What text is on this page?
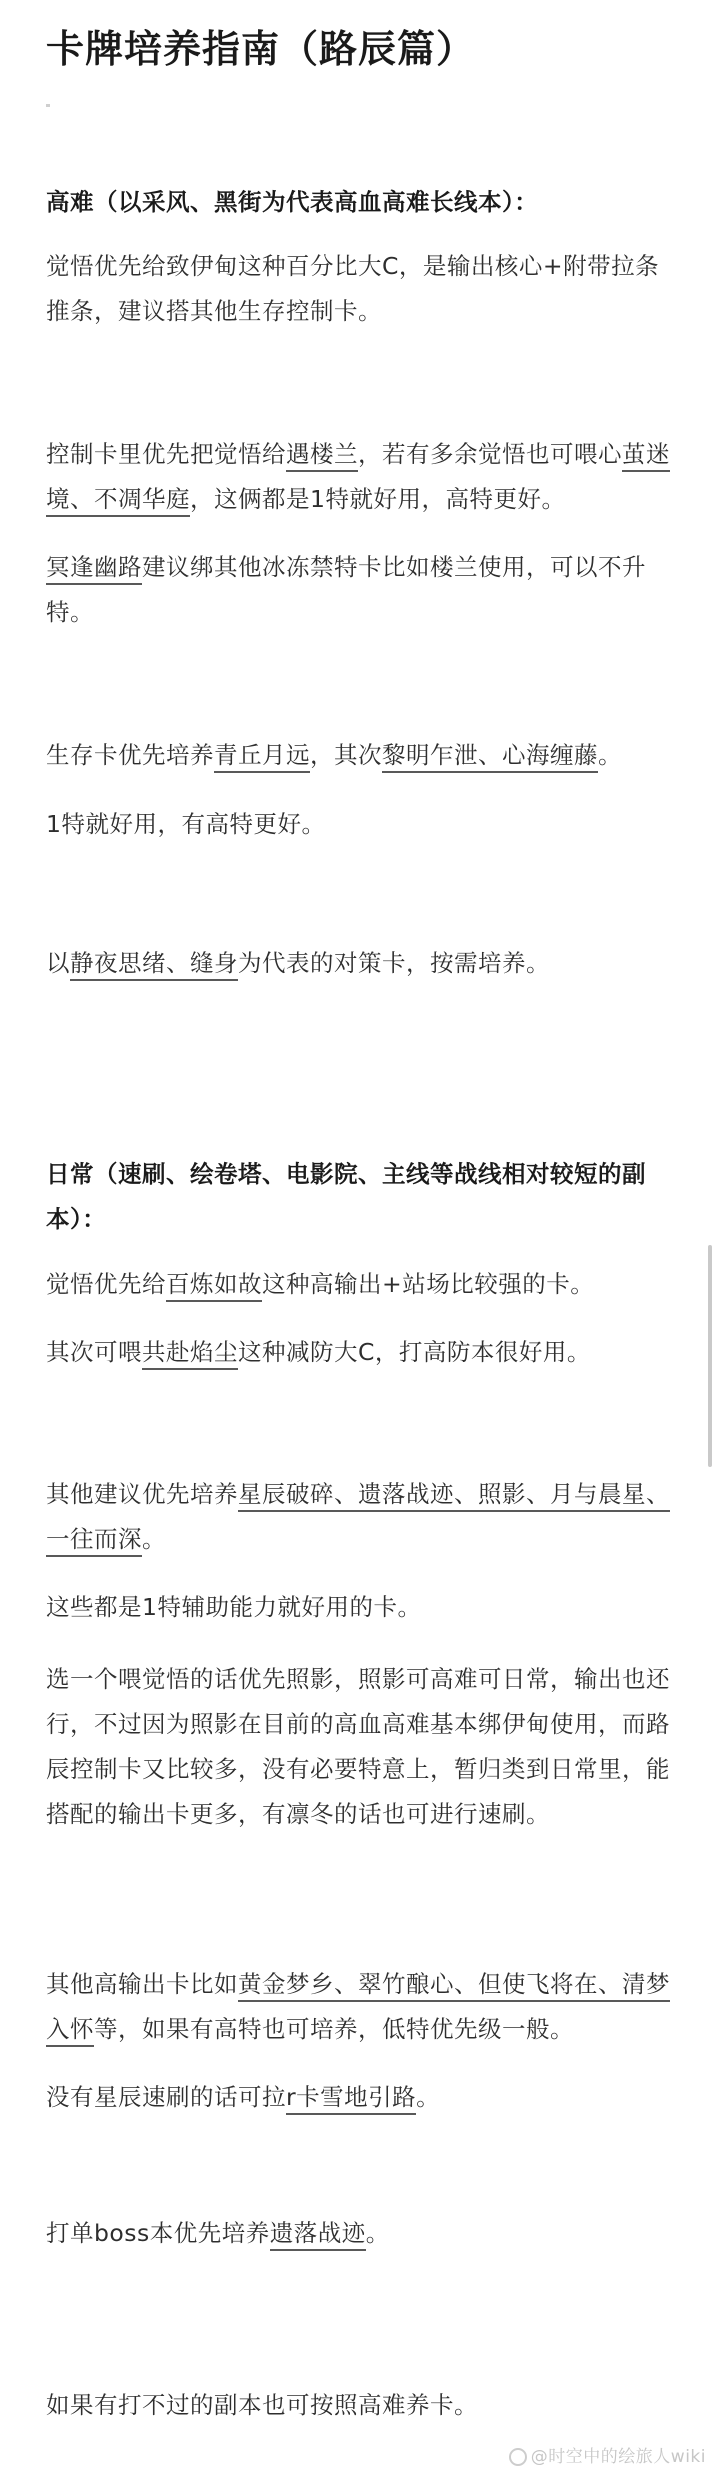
卡牌培养指南（路辰篇）
高难（以采风、黑街为代表高血高难长线本）：
觉悟优先给致伊甸这种百分比大C，是输出核心+附带拉条推条，建议搭其他生存控制卡。
控制卡里优先把觉悟给遇楼兰，若有多余觉悟也可喂心茧迷境、不凋华庭，这俩都是1特就好用，高特更好。
冥逢幽路建议绑其他冰冻禁特卡比如楼兰使用，可以不升特。
生存卡优先培养青丘月远，其次黎明乍泄、心海缠藤。
1特就好用，有高特更好。
以静夜思绪、缝身为代表的对策卡，按需培养。
日常（速刷、绘卷塔、电影院、主线等战线相对较短的副本）：
觉悟优先给百炼如故这种高输出+站场比较强的卡。
其次可喂共赴焰尘这种减防大C，打高防本很好用。
其他建议优先培养星辰破碎、遗落战迹、照影、月与晨星、一往而深。
这些都是1特辅助能力就好用的卡。
选一个喂觉悟的话优先照影，照影可高难可日常，输出也还行，不过因为照影在目前的高血高难基本绑伊甸使用，而路辰控制卡又比较多，没有必要特意上，暂归类到日常里，能搭配的输出卡更多，有凛冬的话也可进行速刷。
其他高输出卡比如黄金梦乡、翠竹酿心、但使飞将在、清梦入怀等，如果有高特也可培养，低特优先级一般。
没有星辰速刷的话可拉r卡雪地引路。
打单boss本优先培养遗落战迹。
如果有打不过的副本也可按照高难养卡。
@时空中的绘旅人wiki
